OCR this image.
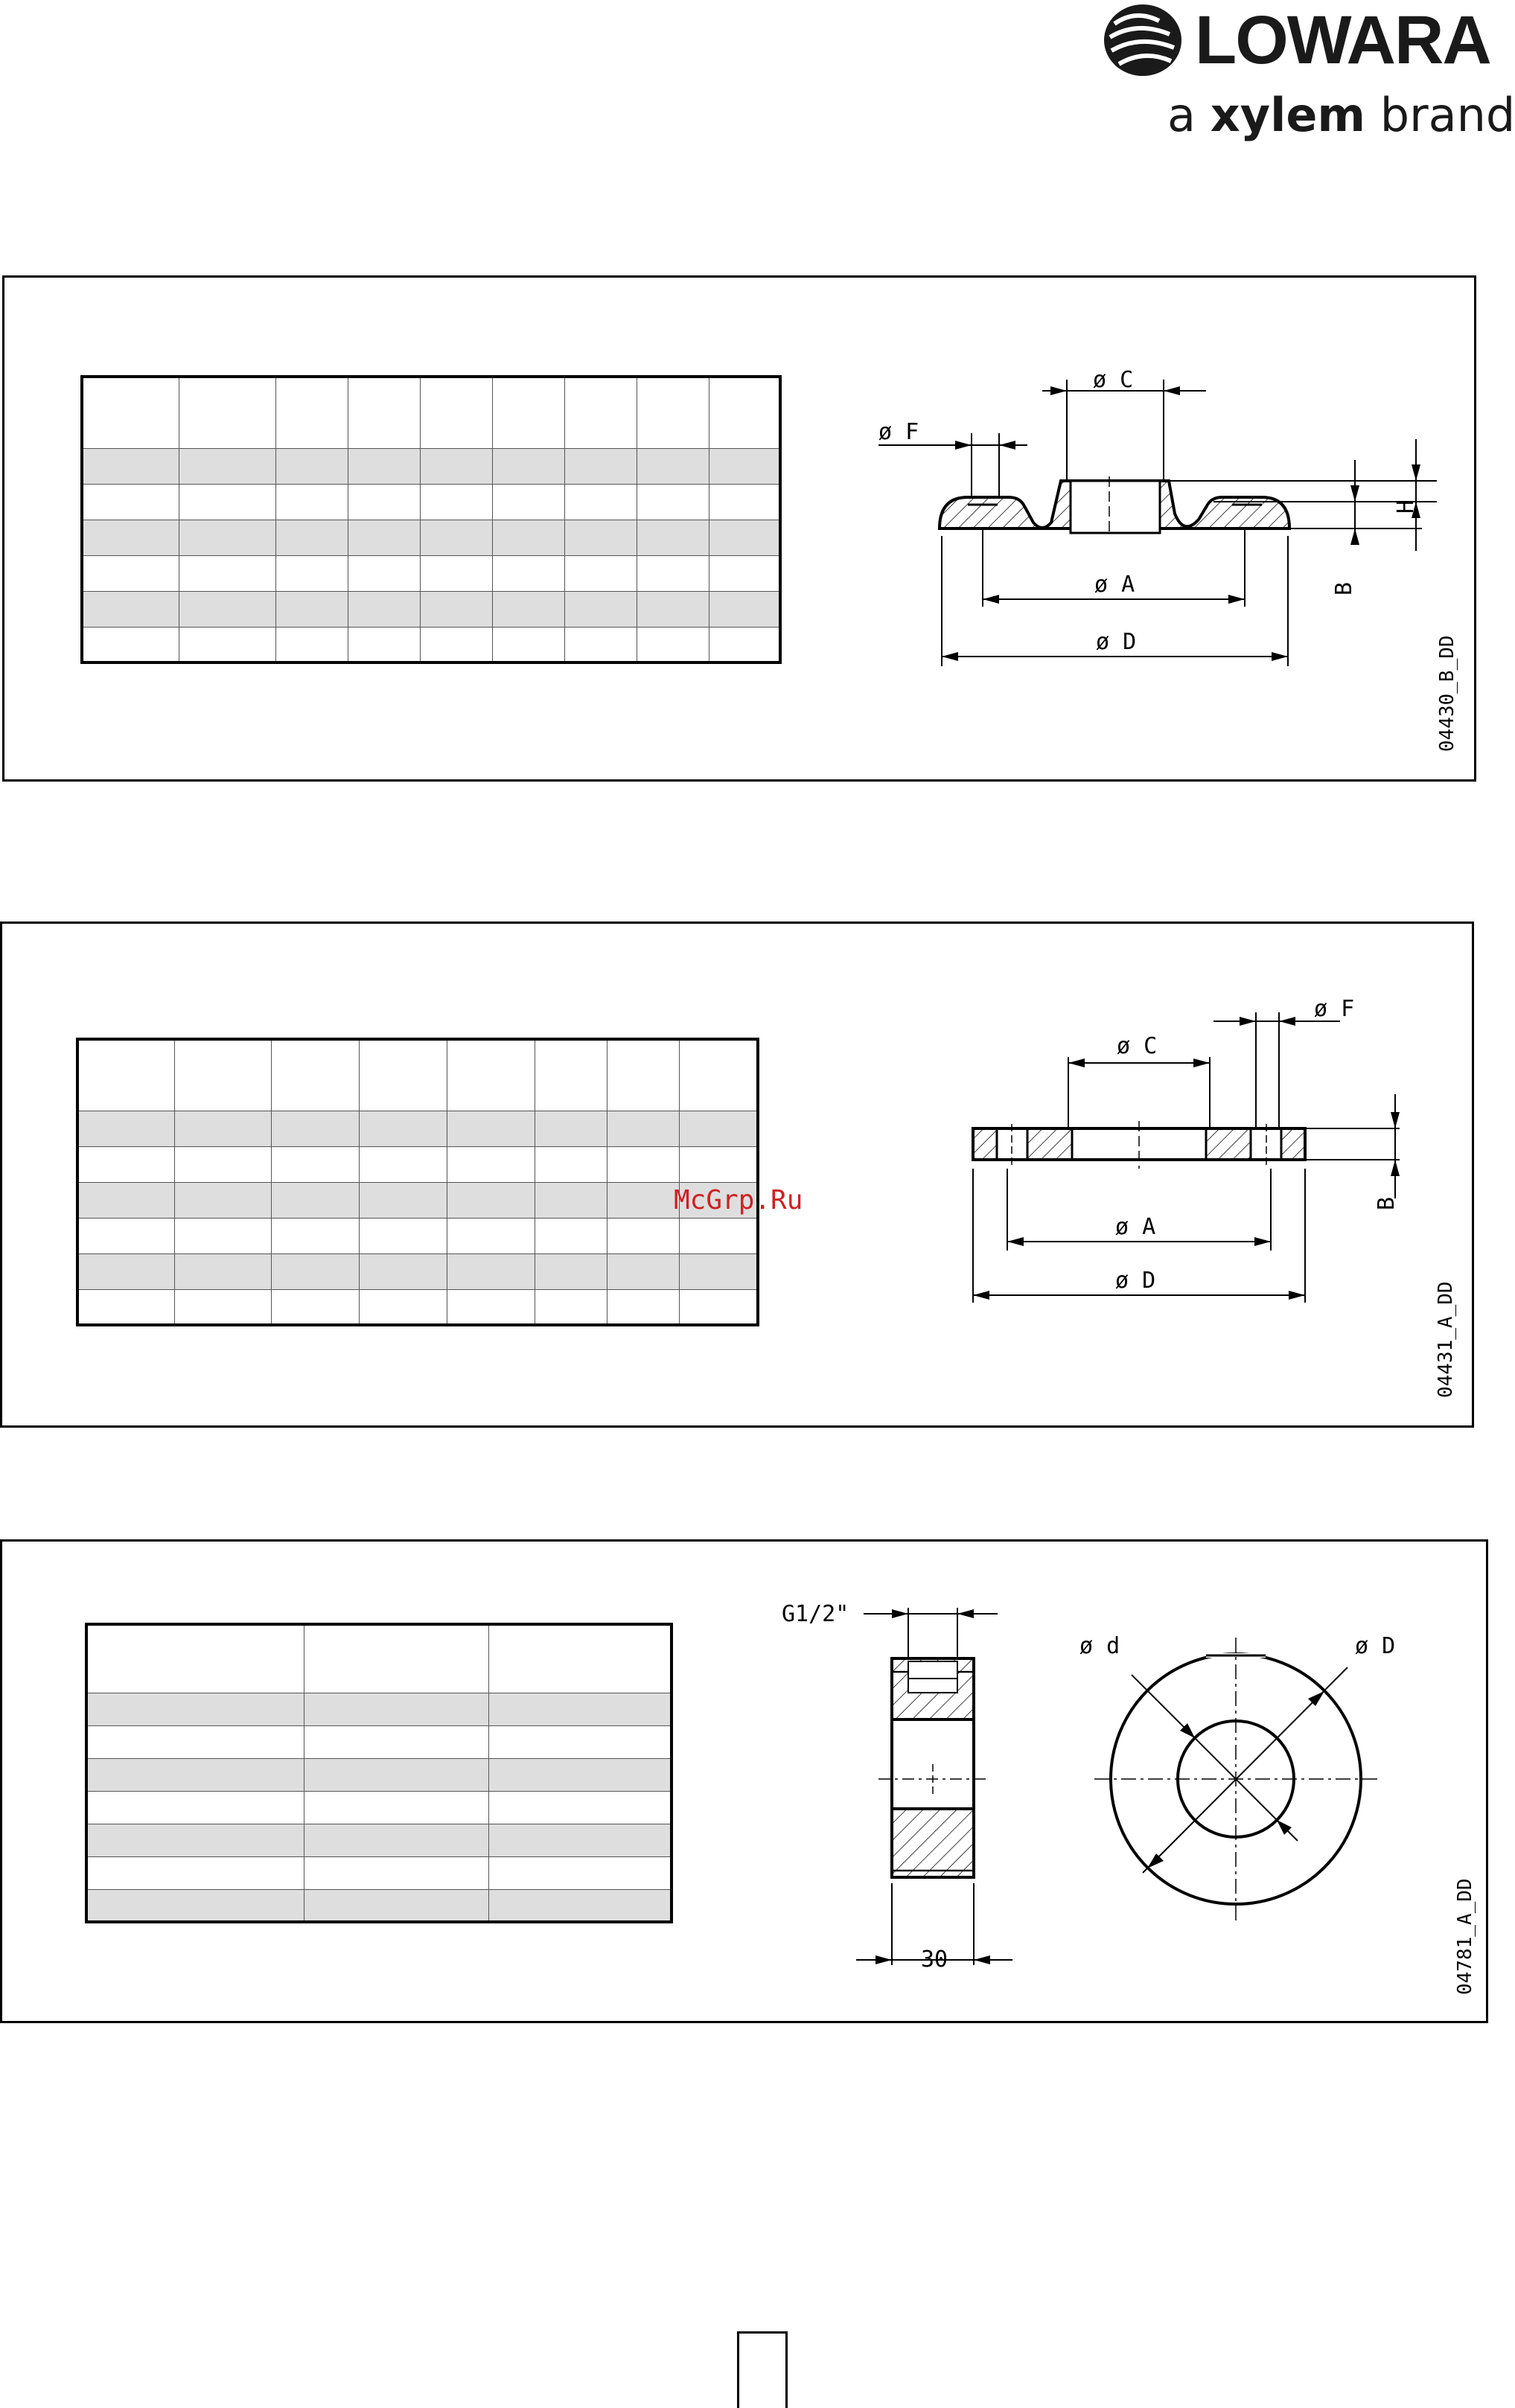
LOWARA
a xylem brand

ø C
ø F
ø A
ø D
B
H
04430_B_DD

ø C
ø F
ø A
ø D
B
04431_A_DD
McGrp.Ru

G1/2"
30
ø d	ø D
04781_A_DD
